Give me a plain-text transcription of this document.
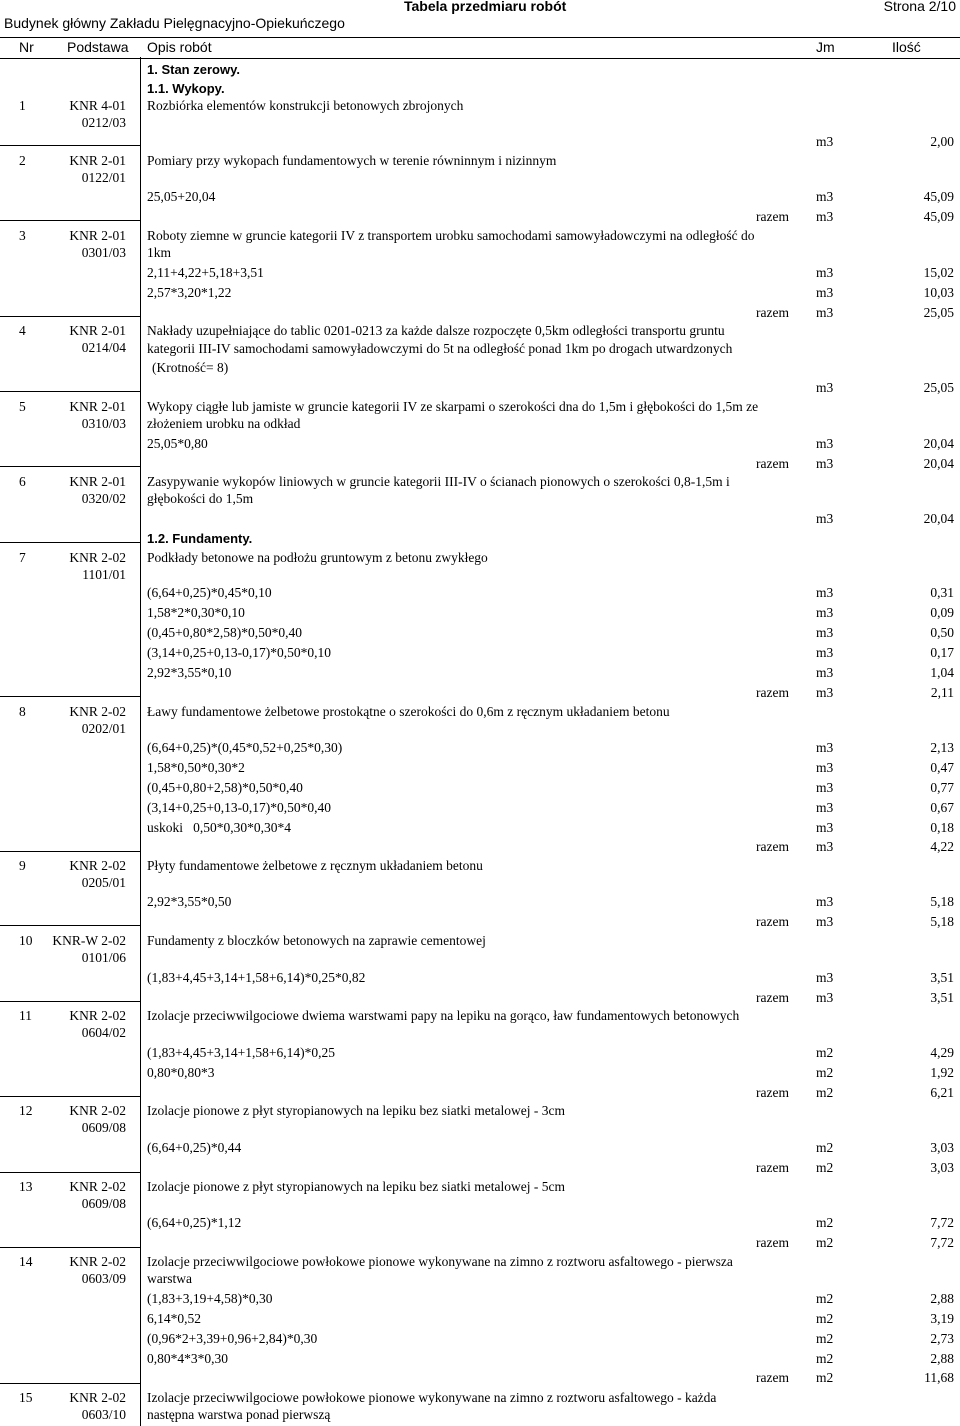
Tabela przedmiaru robót	Strona 2/10
Budynek główny Zakładu Pielęgnacyjno-Opiekuńczego
Nr Podstawa Opis robót	Jm	Ilość
1. Stan zerowy.
1.1. Wykopy.
1.2. Fundamenty.
1	KNR 4-01
0212/03
Rozbiórka elementów konstrukcji betonowych zbrojonych
m3	2,00
2	KNR 2-01
0122/01
Pomiary przy wykopach fundamentowych w terenie równinnym i nizinnym
25,05+20,04	m3	45,09
razem m3	45,09
3	KNR 2-01
0301/03
Roboty ziemne w gruncie kategorii IV z transportem urobku samochodami samowyładowczymi na odległość do
1km
2,11+4,22+5,18+3,51	m3	15,02
2,57*3,20*1,22	m3	10,03
razem m3	25,05
4	KNR 2-01
0214/04
Nakłady uzupełniające do tablic 0201-0213 za każde dalsze rozpoczęte 0,5km odległości transportu gruntu
kategorii III-IV samochodami samowyładowczymi do 5t na odległość ponad 1km po drogach utwardzonych
(Krotność= 8)
m3	25,05
5	KNR 2-01
0310/03
Wykopy ciągłe lub jamiste w gruncie kategorii IV ze skarpami o szerokości dna do 1,5m i głębokości do 1,5m ze
złożeniem urobku na odkład
25,05*0,80	m3	20,04
razem m3	20,04
6	KNR 2-01
0320/02
Zasypywanie wykopów liniowych w gruncie kategorii III-IV o ścianach pionowych o szerokości 0,8-1,5m i
głębokości do 1,5m
m3	20,04
7	KNR 2-02
1101/01
Podkłady betonowe na podłożu gruntowym z betonu zwykłego
(6,64+0,25)*0,45*0,10	m3	0,31
1,58*2*0,30*0,10	m3	0,09
(0,45+0,80*2,58)*0,50*0,40	m3	0,50
(3,14+0,25+0,13-0,17)*0,50*0,10	m3	0,17
2,92*3,55*0,10	m3	1,04
razem m3	2,11
8	KNR 2-02
0202/01
Ławy fundamentowe żelbetowe prostokątne o szerokości do 0,6m z ręcznym układaniem betonu
(6,64+0,25)*(0,45*0,52+0,25*0,30)	m3	2,13
1,58*0,50*0,30*2	m3	0,47
(0,45+0,80+2,58)*0,50*0,40	m3	0,77
(3,14+0,25+0,13-0,17)*0,50*0,40	m3	0,67
uskoki   0,50*0,30*0,30*4	m3	0,18
razem m3	4,22
9	KNR 2-02
0205/01
Płyty fundamentowe żelbetowe z ręcznym układaniem betonu
2,92*3,55*0,50	m3	5,18
razem m3	5,18
10	KNR-W 2-02
0101/06
Fundamenty z bloczków betonowych na zaprawie cementowej
(1,83+4,45+3,14+1,58+6,14)*0,25*0,82	m3	3,51
razem m3	3,51
11	KNR 2-02
0604/02
Izolacje przeciwwilgociowe dwiema warstwami papy na lepiku na gorąco, ław fundamentowych betonowych
(1,83+4,45+3,14+1,58+6,14)*0,25	m2	4,29
0,80*0,80*3	m2	1,92
razem m2	6,21
12	KNR 2-02
0609/08
Izolacje pionowe z płyt styropianowych na lepiku bez siatki metalowej - 3cm
(6,64+0,25)*0,44	m2	3,03
razem m2	3,03
13	KNR 2-02
0609/08
Izolacje pionowe z płyt styropianowych na lepiku bez siatki metalowej - 5cm
(6,64+0,25)*1,12	m2	7,72
razem m2	7,72
14	KNR 2-02
0603/09
Izolacje przeciwwilgociowe powłokowe pionowe wykonywane na zimno z roztworu asfaltowego - pierwsza
warstwa
(1,83+3,19+4,58)*0,30	m2	2,88
6,14*0,52	m2	3,19
(0,96*2+3,39+0,96+2,84)*0,30	m2	2,73
0,80*4*3*0,30	m2	2,88
razem m2	11,68
15	KNR 2-02
0603/10
Izolacje przeciwwilgociowe powłokowe pionowe wykonywane na zimno z roztworu asfaltowego - każda
następna warstwa ponad pierwszą
